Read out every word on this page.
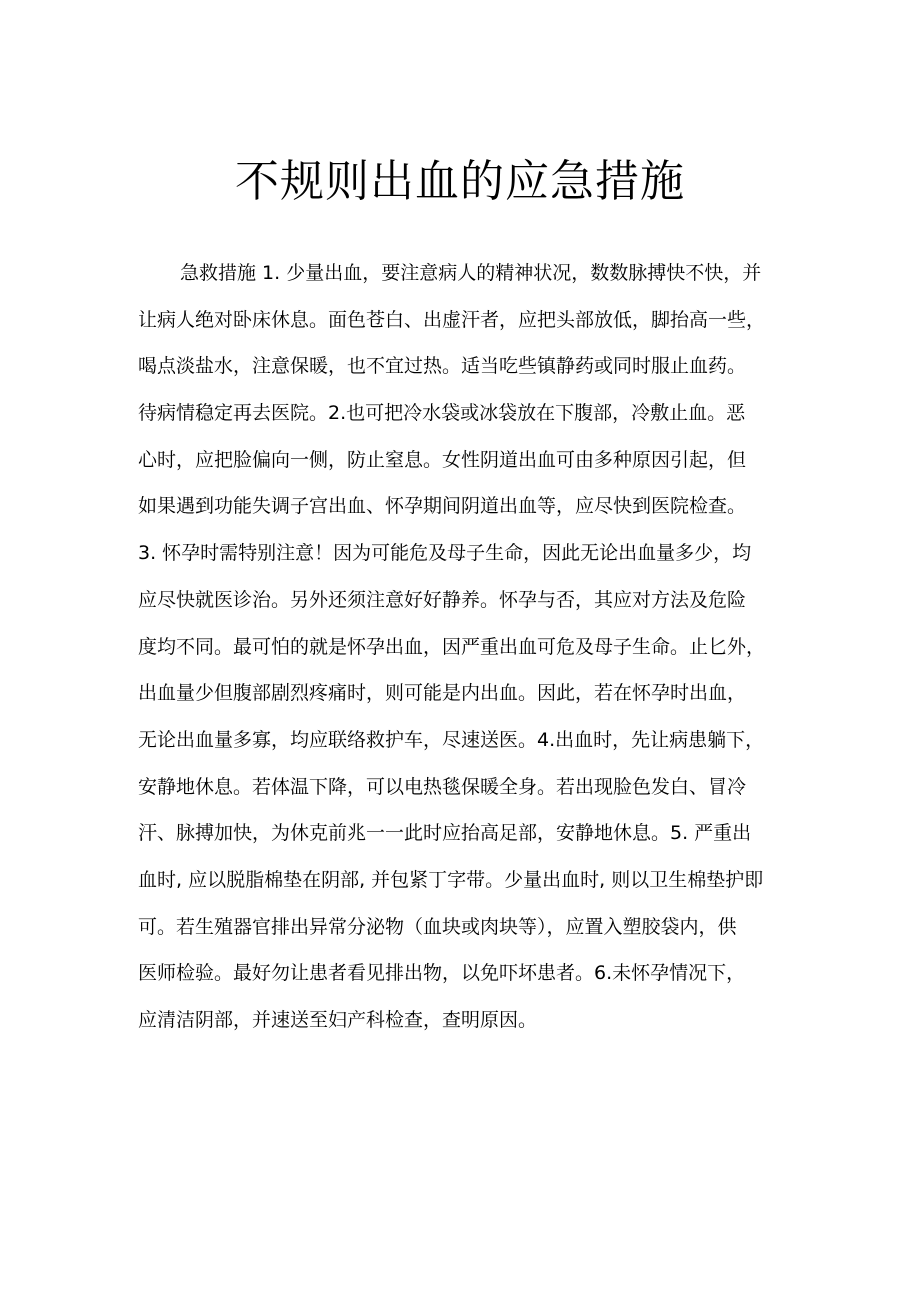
不规则出血的应急措施
急救措施 1. 少量出血，要注意病人的精神状况，数数脉搏快不快，并
让病人绝对卧床休息。面色苍白、出虚汗者，应把头部放低，脚抬高一些，
喝点淡盐水，注意保暖，也不宜过热。适当吃些镇静药或同时服止血药。
待病情稳定再去医院。2.也可把冷水袋或冰袋放在下腹部，冷敷止血。恶
心时，应把脸偏向一侧，防止窒息。女性阴道出血可由多种原因引起，但
如果遇到功能失调子宫出血、怀孕期间阴道出血等，应尽快到医院检查。
3. 怀孕时需特别注意！因为可能危及母子生命，因此无论出血量多少，均
应尽快就医诊治。另外还须注意好好静养。怀孕与否，其应对方法及危险
度均不同。最可怕的就是怀孕出血，因严重出血可危及母子生命。止匕外，
出血量少但腹部剧烈疼痛时，则可能是内出血。因此，若在怀孕时出血，
无论出血量多寡，均应联络救护车，尽速送医。4.出血时，先让病患躺下，
安静地休息。若体温下降，可以电热毯保暖全身。若出现脸色发白、冒冷
汗、脉搏加快，为休克前兆一一此时应抬高足部，安静地休息。5. 严重出
血时, 应以脱脂棉垫在阴部, 并包紧丁字带。少量出血时, 则以卫生棉垫护即
可。若生殖器官排出异常分泌物（血块或肉块等），应置入塑胶袋内，供
医师检验。最好勿让患者看见排出物，以免吓坏患者。6.未怀孕情况下，
应清洁阴部，并速送至妇产科检查，查明原因。
